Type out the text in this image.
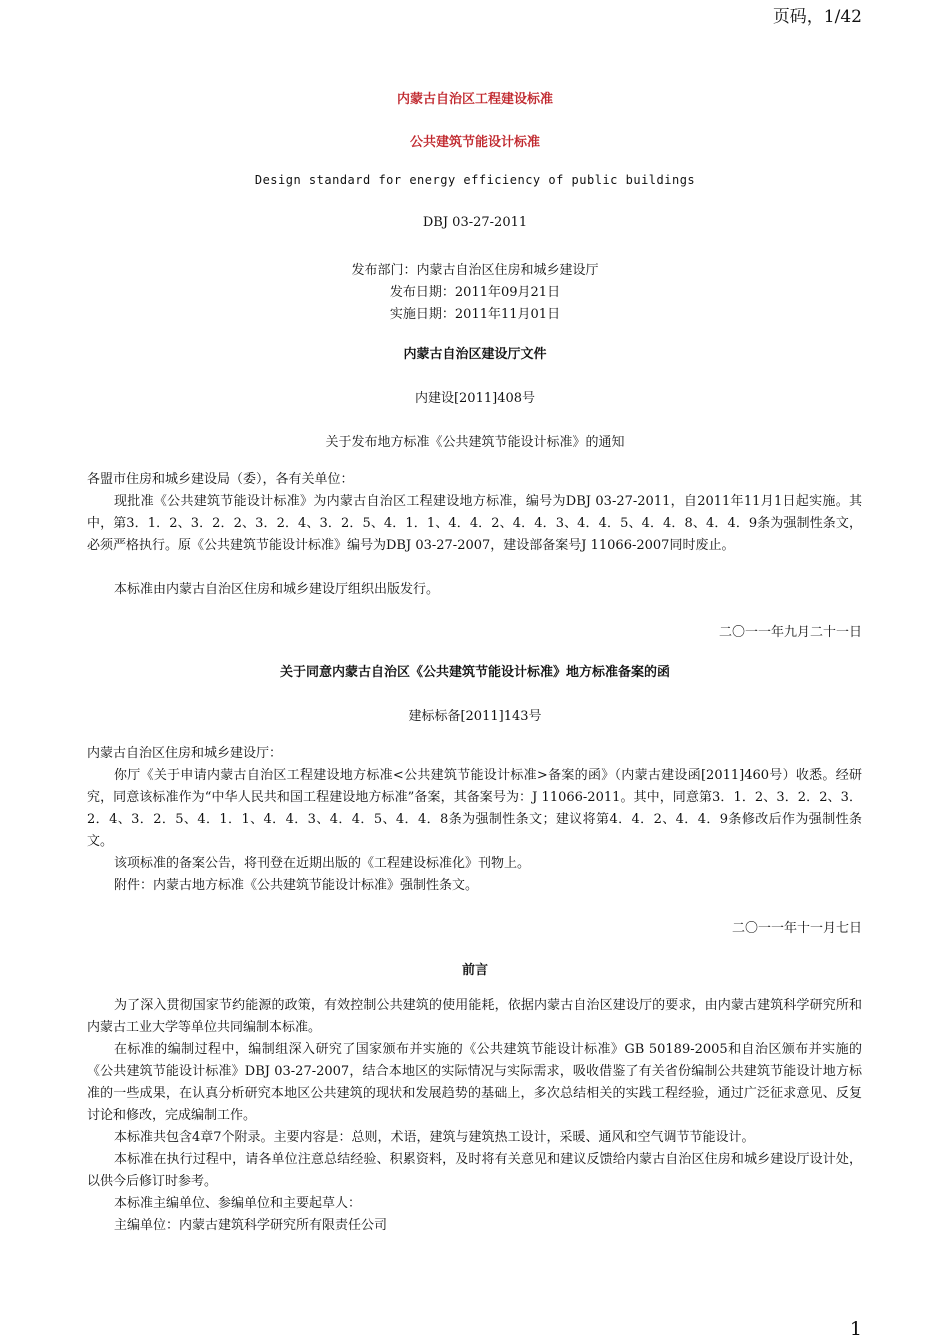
页码，1/42
内蒙古自治区工程建设标准
公共建筑节能设计标准
Design standard for energy efficiency of public buildings
DBJ 03-27-2011
发布部门：内蒙古自治区住房和城乡建设厅
发布日期：2011年09月21日
实施日期：2011年11月01日
内蒙古自治区建设厅文件
内建设[2011]408号
关于发布地方标准《公共建筑节能设计标准》的通知
各盟市住房和城乡建设局（委），各有关单位：
现批准《公共建筑节能设计标准》为内蒙古自治区工程建设地方标准，编号为DBJ 03-27-2011，自2011年11月1日起实施。其中，第3．1．2、3．2．2、3．2．4、3．2．5、4．1．1、4．4．2、4．4．3、4．4．5、4．4．8、4．4．9条为强制性条文，必须严格执行。原《公共建筑节能设计标准》编号为DBJ 03-27-2007，建设部备案号J 11066-2007同时废止。
本标准由内蒙古自治区住房和城乡建设厅组织出版发行。
二〇一一年九月二十一日
关于同意内蒙古自治区《公共建筑节能设计标准》地方标准备案的函
建标标备[2011]143号
内蒙古自治区住房和城乡建设厅：
你厅《关于申请内蒙古自治区工程建设地方标准<公共建筑节能设计标准>备案的函》（内蒙古建设函[2011]460号）收悉。经研究，同意该标准作为“中华人民共和国工程建设地方标准”备案，其备案号为：J 11066-2011。其中，同意第3．1．2、3．2．2、3．2．4、3．2．5、4．1．1、4．4．3、4．4．5、4．4．8条为强制性条文；建议将第4．4．2、4．4．9条修改后作为强制性条文。
该项标准的备案公告，将刊登在近期出版的《工程建设标准化》刊物上。
附件：内蒙古地方标准《公共建筑节能设计标准》强制性条文。
二〇一一年十一月七日
前言
为了深入贯彻国家节约能源的政策，有效控制公共建筑的使用能耗，依据内蒙古自治区建设厅的要求，由内蒙古建筑科学研究所和内蒙古工业大学等单位共同编制本标准。
在标准的编制过程中，编制组深入研究了国家颁布并实施的《公共建筑节能设计标准》GB 50189-2005和自治区颁布并实施的《公共建筑节能设计标准》DBJ 03-27-2007，结合本地区的实际情况与实际需求，吸收借鉴了有关省份编制公共建筑节能设计地方标准的一些成果，在认真分析研究本地区公共建筑的现状和发展趋势的基础上，多次总结相关的实践工程经验，通过广泛征求意见、反复讨论和修改，完成编制工作。
本标准共包含4章7个附录。主要内容是：总则，术语，建筑与建筑热工设计，采暖、通风和空气调节节能设计。
本标准在执行过程中，请各单位注意总结经验、积累资料，及时将有关意见和建议反馈给内蒙古自治区住房和城乡建设厅设计处，以供今后修订时参考。
本标准主编单位、参编单位和主要起草人：
主编单位：内蒙古建筑科学研究所有限责任公司
1
